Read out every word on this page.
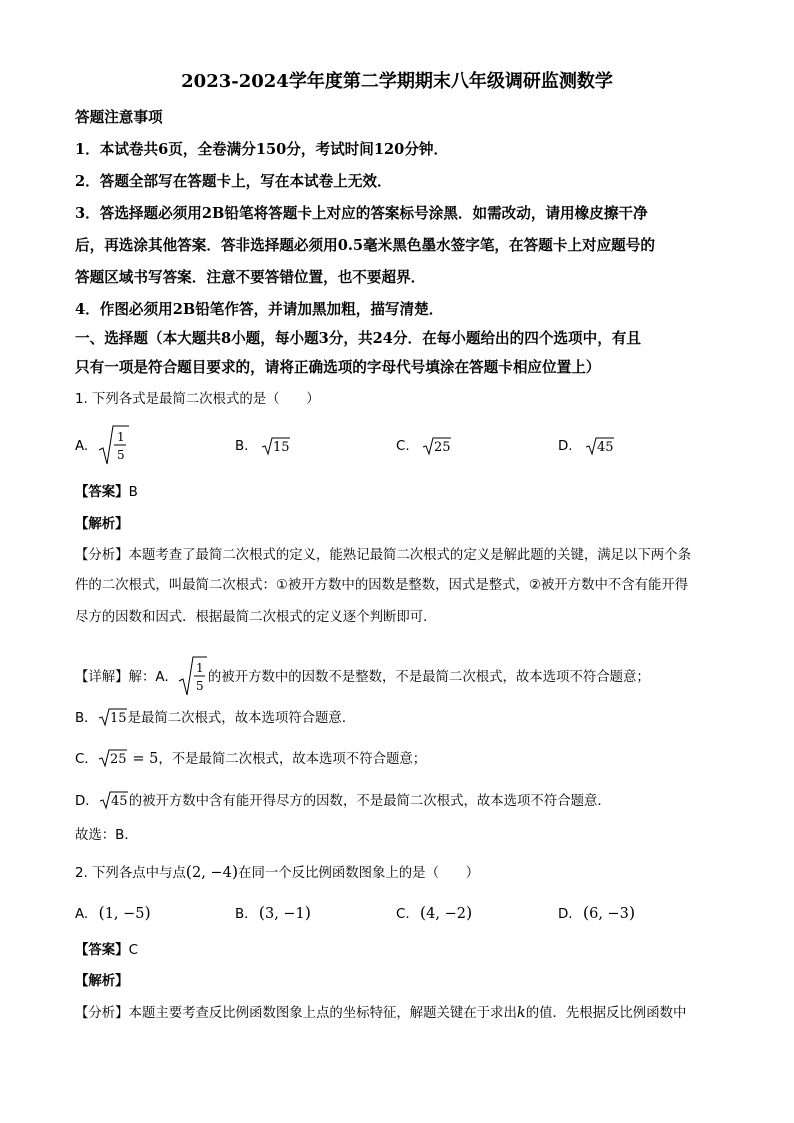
2023-2024学年度第二学期期末八年级调研监测数学
答题注意事项
1．本试卷共6页，全卷满分150分，考试时间120分钟．
2．答题全部写在答题卡上，写在本试卷上无效．
3．答选择题必须用2B铅笔将答题卡上对应的答案标号涂黑．如需改动，请用橡皮擦干净
后，再选涂其他答案．答非选择题必须用0.5毫米黑色墨水签字笔，在答题卡上对应题号的
答题区域书写答案．注意不要答错位置，也不要超界．
4．作图必须用2B铅笔作答，并请加黑加粗，描写清楚．
一、选择题（本大题共8小题，每小题3分，共24分．在每小题给出的四个选项中，有且
只有一项是符合题目要求的，请将正确选项的字母代号填涂在答题卡相应位置上）
1. 下列各式是最简二次根式的是（　　）
A.
1
5
B. 15	C. 25	D. 45
【答案】B
【解析】
【分析】本题考查了最简二次根式的定义，能熟记最简二次根式的定义是解此题的关键，满足以下两个条
件的二次根式，叫最简二次根式：①被开方数中的因数是整数，因式是整式，②被开方数中不含有能开得
尽方的因数和因式．根据最简二次根式的定义逐个判断即可．
【详解】解：A．
1
5
的被开方数中的因数不是整数，不是最简二次根式，故本选项不符合题意；
B． 15 是最简二次根式，故本选项符合题意．
C． 25 = 5，不是最简二次根式，故本选项不符合题意；
D． 45 的被开方数中含有能开得尽方的因数，不是最简二次根式，故本选项不符合题意．
故选：B．
2. 下列各点中与点(2, −4)在同一个反比例函数图象上的是（　　）
A. (1, −5)	B. (3, −1)	C. (4, −2)	D. (6, −3)
【答案】C
【解析】
【分析】本题主要考查反比例函数图象上点的坐标特征，解题关键在于求出k的值．先根据反比例函数中
